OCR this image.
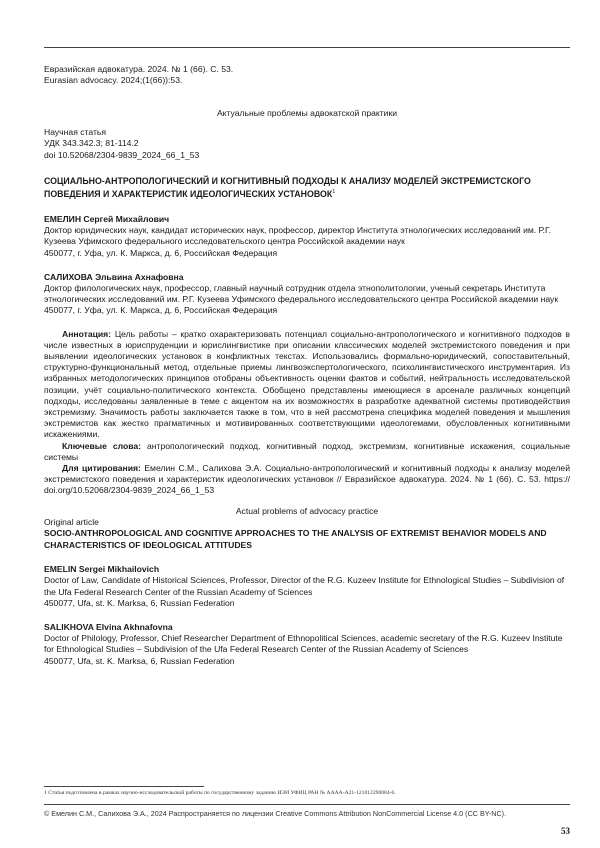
Евразийская адвокатура. 2024. № 1 (66). С. 53.
Eurasian advocacy. 2024;(1(66)):53.
Актуальные проблемы адвокатской практики
Научная статья
УДК 343.342.3; 81-114.2
doi 10.52068/2304-9839_2024_66_1_53
СОЦИАЛЬНО-АНТРОПОЛОГИЧЕСКИЙ И КОГНИТИВНЫЙ ПОДХОДЫ К АНАЛИЗУ МОДЕЛЕЙ ЭКСТРЕМИСТСКОГО ПОВЕДЕНИЯ И ХАРАКТЕРИСТИК ИДЕОЛОГИЧЕСКИХ УСТАНОВОК$^1$
ЕМЕЛИН Сергей Михайлович
Доктор юридических наук, кандидат исторических наук, профессор, директор Института этнологических исследований им. Р.Г. Кузеева Уфимского федерального исследовательского центра Российской академии наук
450077, г. Уфа, ул. К. Маркса, д. 6, Российская Федерация
САЛИХОВА Эльвина Ахнафовна
Доктор филологических наук, профессор, главный научный сотрудник отдела этнополитологии, ученый секретарь Института этнологических исследований им. Р.Г. Кузеева Уфимского федерального исследовательского центра Российской академии наук
450077, г. Уфа, ул. К. Маркса, д. 6, Российская Федерация

Аннотация: Цель работы – кратко охарактеризовать потенциал социально-антропологического и когнитивного подходов в числе известных в юриспруденции и юрислингвистике при описании классических моделей экстремистского поведения и при выявлении идеологических установок в конфликтных текстах. Использовались формально-юридический, сопоставительный, структурно-функциональный метод, отдельные приемы лингвоэкспертологического, психолингвистического инструментария. Из избранных методологических принципов отобраны объективность оценки фактов и событий, нейтральность исследовательской позиции, учёт социально-политического контекста. Обобщено представлены имеющиеся в арсенале различных концепций подходы, исследованы заявленные в теме с акцентом на их возможностях в разработке адекватной системы противодействия экстремизму. Значимость работы заключается также в том, что в ней рассмотрена специфика моделей поведения и мышления экстремистов как жестко прагматичных и мотивированных соответствующими идеологемами, обусловленных когнитивными искажениями.

Ключевые слова: антропологический подход, когнитивный подход, экстремизм, когнитивные искажения, социальные системы

Для цитирования: Емелин С.М., Салихова Э.А. Социально-антропологический и когнитивный подходы к анализу моделей экстремистского поведения и характеристик идеологических установок // Евразийское адвокатура. 2024. № 1 (66). С. 53. https:// doi.org/10.52068/2304-9839_2024_66_1_53

Actual problems of advocacy practice
Original article
SOCIO-ANTHROPOLOGICAL AND COGNITIVE APPROACHES TO THE ANALYSIS OF EXTREMIST BEHAVIOR MODELS AND CHARACTERISTICS OF IDEOLOGICAL ATTITUDES
EMELIN Sergei Mikhailovich
Doctor of Law, Candidate of Historical Sciences, Professor, Director of the R.G. Kuzeev Institute for Ethnological Studies – Subdivision of the Ufa Federal Research Center of the Russian Academy of Sciences
450077, Ufa, st. K. Marksa, 6, Russian Federation
SALIKHOVA Elvina Akhnafovna
Doctor of Philology, Professor, Chief Researcher Department of Ethnopolitical Sciences, academic secretary of the R.G. Kuzeev Institute for Ethnological Studies – Subdivision of the Ufa Federal Research Center of the Russian Academy of Sciences
450077, Ufa, st. K. Marksa, 6, Russian Federation
1 Статья подготовлена в рамках научно-исследовательской работы по государственному заданию ИЭИ УФИЦ РАН № АААА-А21-121012290084-6.
© Емелин С.М., Салихова Э.А., 2024 Распространяется по лицензии Creative Commons Attribution NonCommercial License 4.0 (CC BY-NC).
53
